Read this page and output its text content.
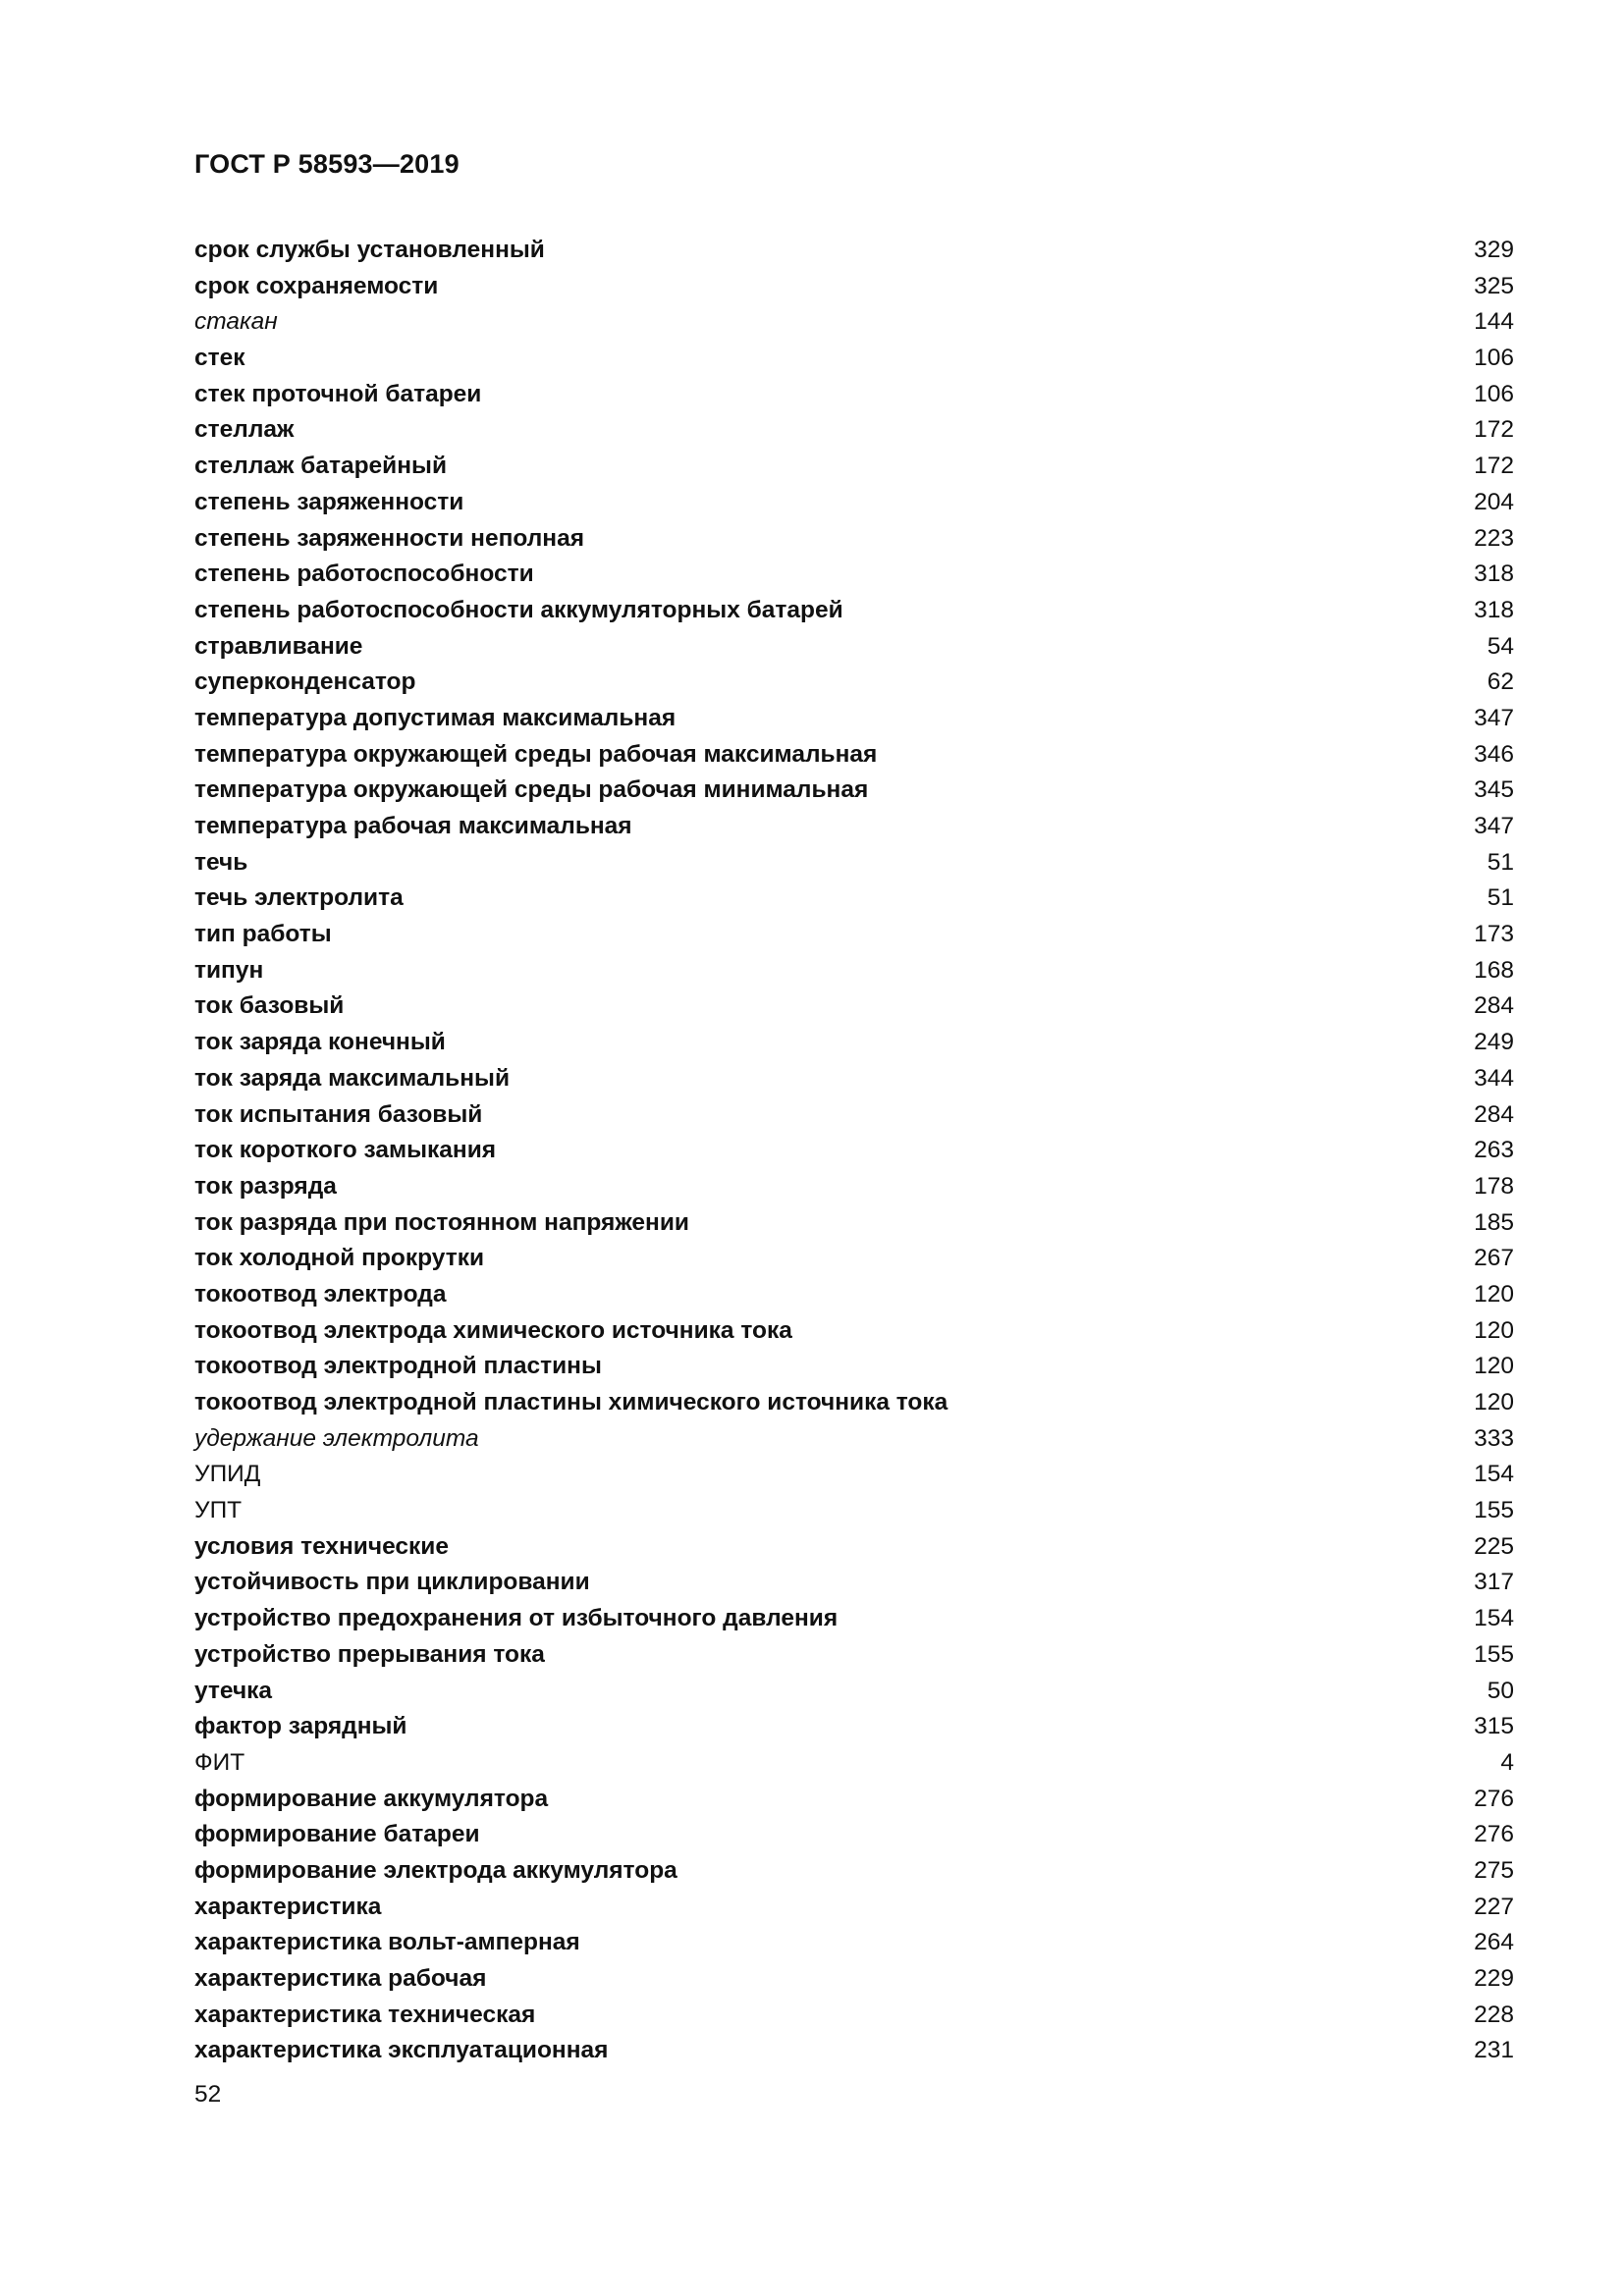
ГОСТ Р 58593—2019
срок службы установленный	329
срок сохраняемости	325
стакан	144
стек	106
стек проточной батареи	106
стеллаж	172
стеллаж батарейный	172
степень заряженности	204
степень заряженности неполная	223
степень работоспособности	318
степень работоспособности аккумуляторных батарей	318
стравливание	54
суперконденсатор	62
температура допустимая максимальная	347
температура окружающей среды рабочая максимальная	346
температура окружающей среды рабочая минимальная	345
температура рабочая максимальная	347
течь	51
течь электролита	51
тип работы	173
типун	168
ток базовый	284
ток заряда конечный	249
ток заряда максимальный	344
ток испытания базовый	284
ток короткого замыкания	263
ток разряда	178
ток разряда при постоянном напряжении	185
ток холодной прокрутки	267
токоотвод электрода	120
токоотвод электрода химического источника тока	120
токоотвод электродной пластины	120
токоотвод электродной пластины химического источника тока	120
удержание электролита	333
УПИД	154
УПТ	155
условия технические	225
устойчивость при циклировании	317
устройство предохранения от избыточного давления	154
устройство прерывания тока	155
утечка	50
фактор зарядный	315
ФИТ	4
формирование аккумулятора	276
формирование батареи	276
формирование электрода аккумулятора	275
характеристика	227
характеристика вольт-амперная	264
характеристика рабочая	229
характеристика техническая	228
характеристика эксплуатационная	231
52
